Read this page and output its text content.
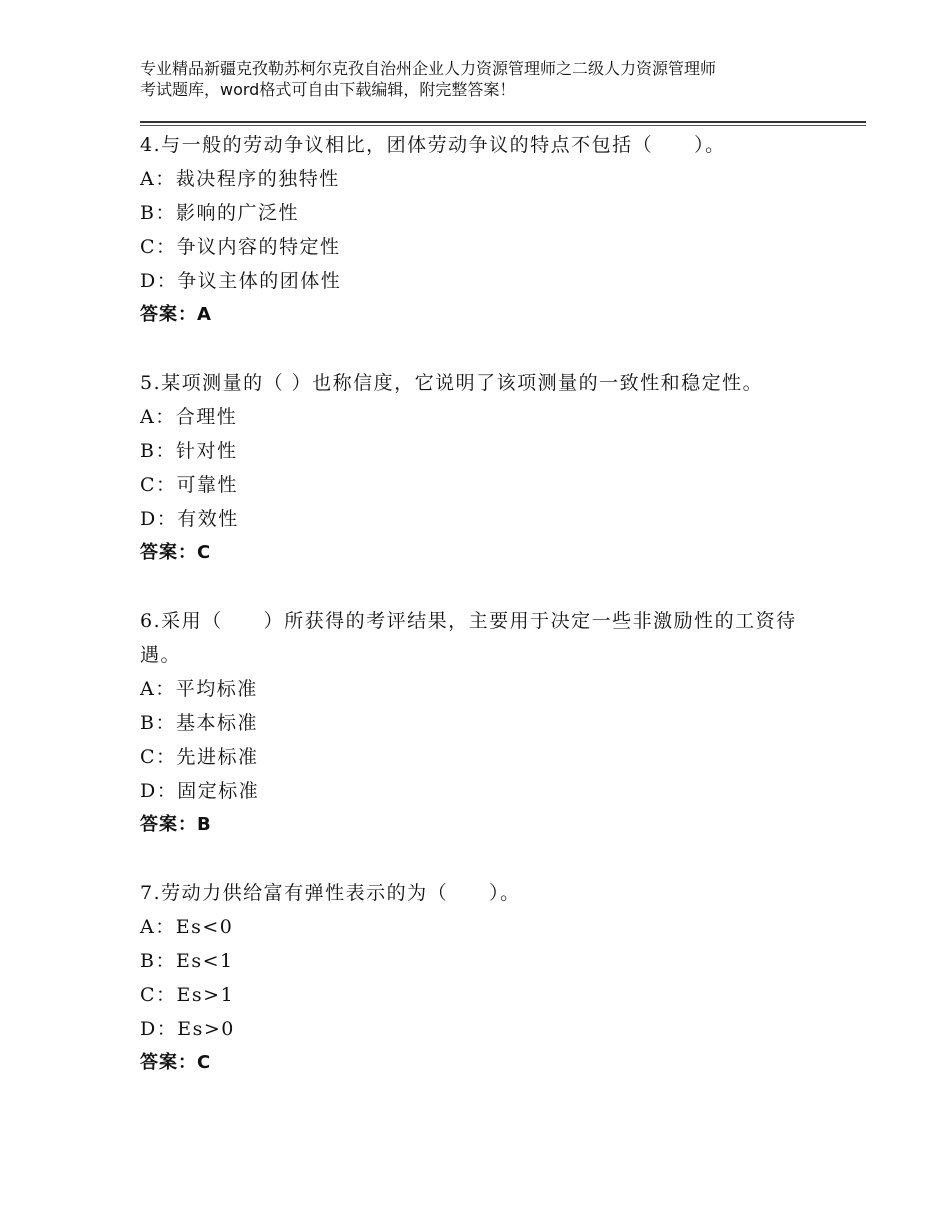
专业精品新疆克孜勒苏柯尔克孜自治州企业人力资源管理师之二级人力资源管理师
考试题库，word格式可自由下载编辑，附完整答案！

4.与一般的劳动争议相比，团体劳动争议的特点不包括（　　）。

A：裁决程序的独特性

B：影响的广泛性

C：争议内容的特定性

D：争议主体的团体性

答案：A

5.某项测量的（ ）也称信度，它说明了该项测量的一致性和稳定性。

A：合理性

B：针对性

C：可靠性

D：有效性

答案：C

6.采用（　　）所获得的考评结果，主要用于决定一些非激励性的工资待遇。

A：平均标准

B：基本标准

C：先进标准

D：固定标准

答案：B

7.劳动力供给富有弹性表示的为（　　）。

A：Es<0

B：Es<1

C：Es>1

D：Es>0

答案：C
